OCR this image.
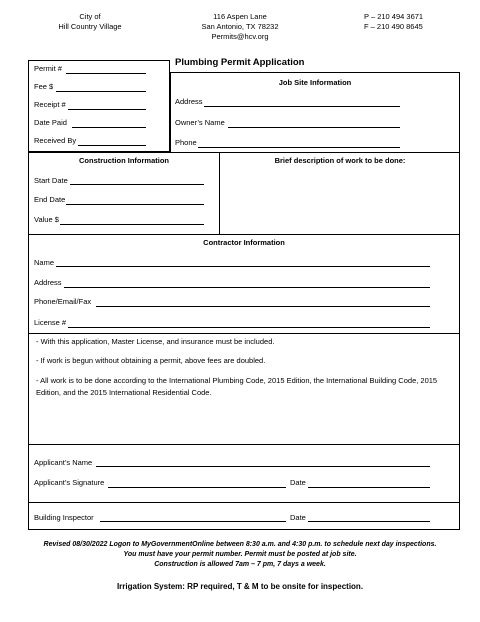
City of
Hill Country Village
116 Aspen Lane
San Antonio, TX 78232
Permits@hcv.org
P – 210 494 3671
F – 210 490 8645
Permit #
Fee $
Receipt #
Date Paid
Received By
Plumbing Permit Application
Job Site Information
Address
Owner’s Name
Phone
Construction Information
Start Date
End Date
Value $
Brief description of work to be done:
Contractor Information
Name
Address
Phone/Email/Fax
License #
- With this application, Master License, and insurance must be included.
- If work is begun without obtaining a permit, above fees are doubled.
- All work is to be done according to the International Plumbing Code, 2015 Edition, the International Building Code, 2015 Edition, and the 2015 International Residential Code.
Applicant’s Name
Applicant’s Signature	Date
Building Inspector	Date
Revised 08/30/2022 Logon to MyGovernmentOnline between 8:30 a.m. and 4:30 p.m. to schedule next day inspections.
You must have your permit number. Permit must be posted at job site.
Construction is allowed 7am – 7 pm, 7 days a week.
Irrigation System: RP required, T & M to be onsite for inspection.
